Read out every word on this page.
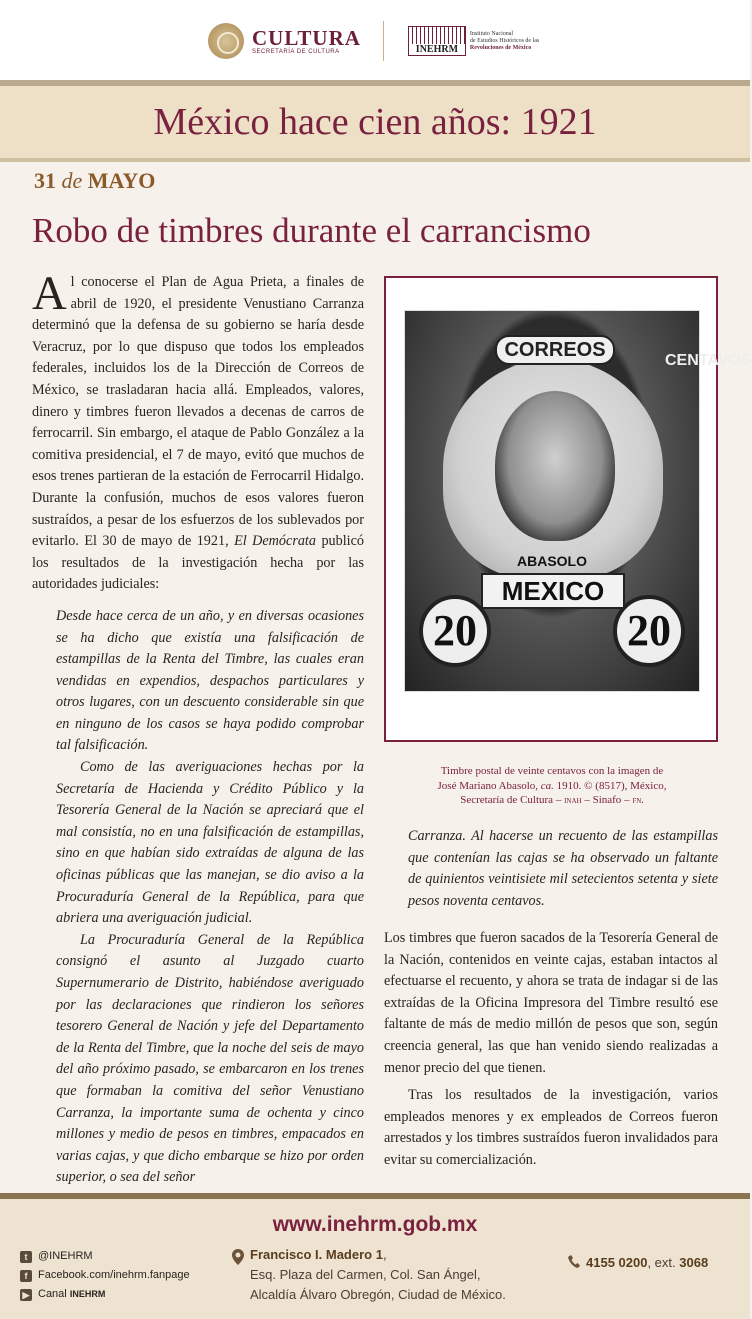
CULTURA
SECRETARÍA DE CULTURA	INEHRM
Instituto Nacional
de Estudios Históricos de las
Revoluciones de México
México hace cien años: 1921
31 de MAYO
Robo de timbres durante el carrancismo

Al conocerse el Plan de Agua Prieta, a finales de abril de 1920, el presidente Venustiano Carranza determinó que la defensa de su gobierno se haría desde Veracruz, por lo que dispuso que todos los empleados federales, incluidos los de la Dirección de Correos de México, se trasladaran hacia allá. Empleados, valores, dinero y timbres fueron llevados a decenas de carros de ferrocarril. Sin embargo, el ataque de Pablo González a la comitiva presidencial, el 7 de mayo, evitó que muchos de esos trenes partieran de la estación de Ferrocarril Hidalgo. Durante la confusión, muchos de esos valores fueron sustraídos, a pesar de los esfuerzos de los sublevados por evitarlo. El 30 de mayo de 1921, El Demócrata publicó los resultados de la investigación hecha por las autoridades judiciales:

Desde hace cerca de un año, y en diversas ocasiones se ha dicho que existía una falsificación de estampillas de la Renta del Timbre, las cuales eran vendidas en expendios, despachos particulares y otros lugares, con un descuento considerable sin que en ninguno de los casos se haya podido comprobar tal falsificación.

Como de las averiguaciones hechas por la Secretaría de Hacienda y Crédito Público y la Tesorería General de la Nación se apreciará que el mal consistía, no en una falsificación de estampillas, sino en que habían sido extraídas de alguna de las oficinas públicas que las manejan, se dio aviso a la Procuraduría General de la República, para que abriera una averiguación judicial.

La Procuraduría General de la República consignó el asunto al Juzgado cuarto Supernumerario de Distrito, habiéndose averiguado por las declaraciones que rindieron los señores tesorero General de Nación y jefe del Departamento de la Renta del Timbre, que la noche del seis de mayo del año próximo pasado, se embarcaron en los trenes que formaban la comitiva del señor Venustiano Carranza, la importante suma de ochenta y cinco millones y medio de pesos en timbres, empacados en varias cajas, y que dicho embarque se hizo por orden superior, o sea del señor

CORREOS	CENTAVOS
ABASOLO
20	20
MEXICO
Timbre postal de veinte centavos con la imagen de
José Mariano Abasolo, ca. 1910. © (8517), México,
Secretaría de Cultura – inah – Sinafo – fn.
Carranza. Al hacerse un recuento de las estampillas que contenían las cajas se ha observado un faltante de quinientos veintisiete mil setecientos setenta y siete pesos noventa centavos.

Los timbres que fueron sacados de la Tesorería General de la Nación, contenidos en veinte cajas, estaban intactos al efectuarse el recuento, y ahora se trata de indagar si de las extraídas de la Oficina Impresora del Timbre resultó ese faltante de más de medio millón de pesos que son, según creencia general, las que han venido siendo realizadas a menor precio del que tienen.

Tras los resultados de la investigación, varios empleados menores y ex empleados de Correos fueron arrestados y los timbres sustraídos fueron invalidados para evitar su comercialización.

www.inehrm.gob.mx
t @INEHRM
f Facebook.com/inehrm.fanpage
▶ Canal
INEHRM
Francisco I. Madero 1,
Esq. Plaza del Carmen, Col. San Ángel,
Alcaldía Álvaro Obregón, Ciudad de México.
4155 0200, ext. 3068
